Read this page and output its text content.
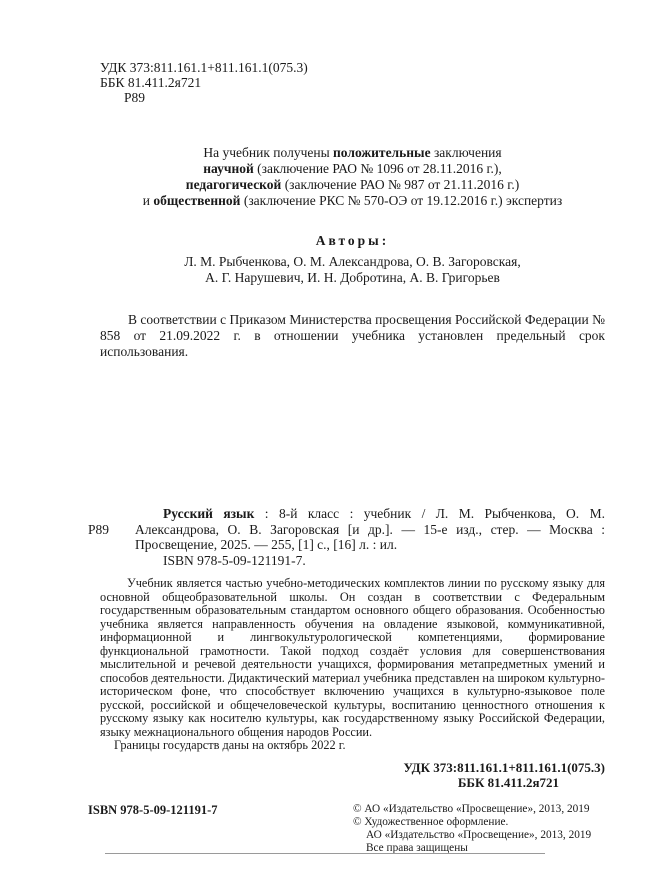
УДК 373:811.161.1+811.161.1(075.3)
ББК 81.411.2я721
Р89
На учебник получены положительные заключения
научной (заключение РАО № 1096 от 28.11.2016 г.),
педагогической (заключение РАО № 987 от 21.11.2016 г.)
и общественной (заключение РКС № 570-ОЭ от 19.12.2016 г.) экспертиз
Авторы:
Л. М. Рыбченкова, О. М. Александрова, О. В. Загоровская,
А. Г. Нарушевич, И. Н. Добротина, А. В. Григорьев

В соответствии с Приказом Министерства просвещения Российской Федерации № 858 от 21.09.2022 г. в отношении учебника установлен предельный срок использования.

Р89

Русский язык : 8-й класс : учебник / Л. М. Рыбченкова, О. М. Александрова, О. В. Загоровская [и др.]. — 15-е изд., стер. — Москва : Просвещение, 2025. — 255, [1] с., [16] л. : ил.

ISBN 978-5-09-121191-7.

Учебник является частью учебно-методических комплектов линии по русскому языку для основной общеобразовательной школы. Он создан в соответствии с Федеральным государственным образовательным стандартом основного общего образования. Особенностью учебника является направленность обучения на овладение языковой, коммуникативной, информационной и лингвокультурологической компетенциями, формирование функциональной грамотности. Такой подход создаёт условия для совершенствования мыслительной и речевой деятельности учащихся, формирования метапредметных умений и способов деятельности. Дидактический материал учебника представлен на широком культурно-историческом фоне, что способствует включению учащихся в культурно-языковое поле русской, российской и общечеловеческой культуры, воспитанию ценностного отношения к русскому языку как носителю культуры, как государственному языку Российской Федерации, языку межнационального общения народов России.

Границы государств даны на октябрь 2022 г.

УДК 373:811.161.1+811.161.1(075.3)
ББК 81.411.2я721
ISBN 978-5-09-121191-7	© АО «Издательство «Просвещение», 2013, 2019
© Художественное оформление.
АО «Издательство «Просвещение», 2013, 2019
Все права защищены
